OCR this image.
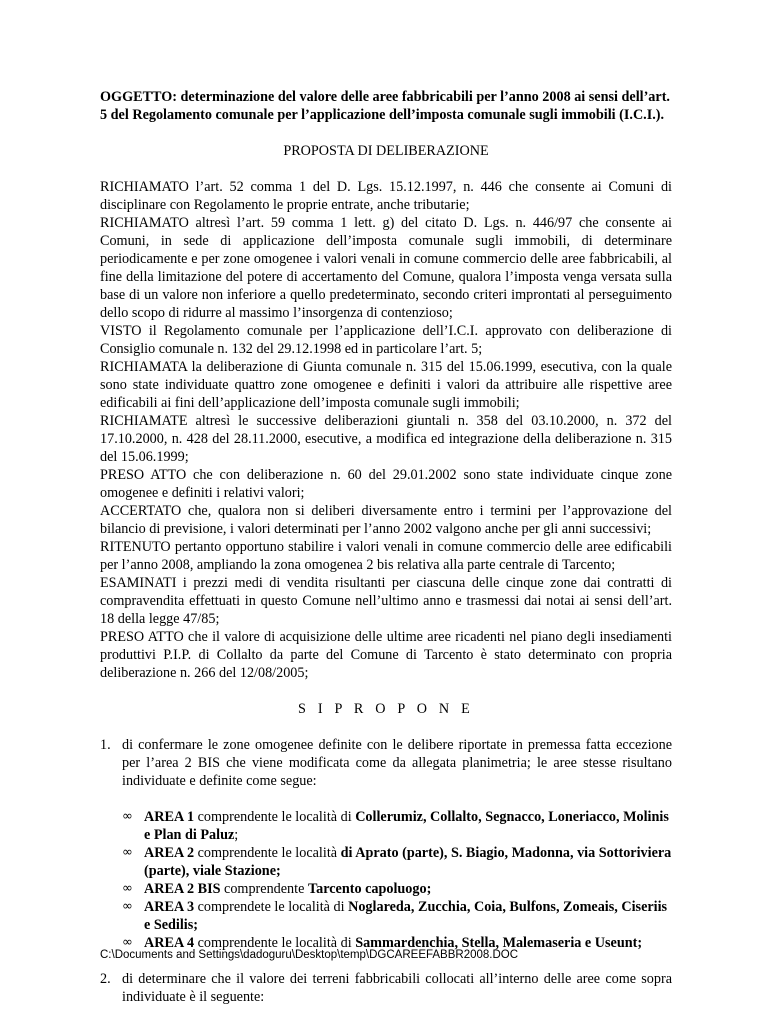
OGGETTO: determinazione del valore delle aree fabbricabili per l’anno 2008 ai sensi dell’art. 5 del Regolamento comunale per l’applicazione dell’imposta comunale sugli immobili (I.C.I.).

PROPOSTA DI DELIBERAZIONE

RICHIAMATO l’art. 52 comma 1 del D. Lgs. 15.12.1997, n. 446 che consente ai Comuni di disciplinare con Regolamento le proprie entrate, anche tributarie;

RICHIAMATO altresì l’art. 59 comma 1 lett. g) del citato D. Lgs. n. 446/97 che consente ai Comuni, in sede di applicazione dell’imposta comunale sugli immobili, di determinare periodicamente e per zone omogenee i valori venali in comune commercio delle aree fabbricabili, al fine della limitazione del potere di accertamento del Comune, qualora l’imposta venga versata sulla base di un valore non inferiore a quello predeterminato, secondo criteri improntati al perseguimento dello scopo di ridurre al massimo l’insorgenza di contenzioso;

VISTO il Regolamento comunale per l’applicazione dell’I.C.I. approvato con deliberazione di Consiglio comunale n. 132 del 29.12.1998 ed in particolare l’art. 5;

RICHIAMATA la deliberazione di Giunta comunale n. 315 del 15.06.1999, esecutiva, con la quale sono state individuate quattro zone omogenee e definiti i valori da attribuire alle rispettive aree edificabili ai fini dell’applicazione dell’imposta comunale sugli immobili;

RICHIAMATE altresì le successive deliberazioni giuntali n. 358 del 03.10.2000, n. 372 del 17.10.2000, n. 428 del 28.11.2000, esecutive, a modifica ed integrazione della deliberazione n. 315 del 15.06.1999;

PRESO ATTO che con deliberazione n. 60 del 29.01.2002 sono state individuate cinque zone omogenee e definiti i relativi valori;

ACCERTATO che, qualora non si deliberi diversamente entro i termini per l’approvazione del bilancio di previsione, i valori determinati per l’anno 2002 valgono anche per gli anni successivi;

RITENUTO pertanto opportuno stabilire i valori venali in comune commercio delle aree edificabili per l’anno 2008, ampliando la zona omogenea 2 bis relativa alla parte centrale di Tarcento;

ESAMINATI i prezzi medi di vendita risultanti per ciascuna delle cinque zone dai contratti di compravendita effettuati in questo Comune nell’ultimo anno e trasmessi dai notai ai sensi dell’art. 18 della legge 47/85;

PRESO ATTO che il valore di acquisizione delle ultime aree ricadenti nel piano degli insediamenti produttivi P.I.P. di Collalto da parte del Comune di Tarcento è stato determinato con propria deliberazione n. 266 del 12/08/2005;

S I P R O P O N E
1. di confermare le zone omogenee definite con le delibere riportate in premessa fatta eccezione per l’area 2 BIS che viene modificata come da allegata planimetria; le aree stesse risultano individuate e definite come segue:
∞ AREA 1 comprendente le località di Collerumiz, Collalto, Segnacco, Loneriacco, Molinis e Plan di Paluz;
∞ AREA 2 comprendente le località di Aprato (parte), S. Biagio, Madonna, via Sottoriviera (parte), viale Stazione;
∞ AREA 2 BIS comprendente Tarcento capoluogo;
∞ AREA 3 comprendete le località di Noglareda, Zucchia, Coia, Bulfons, Zomeais, Ciseriis e Sedilis;
∞ AREA 4 comprendente le località di Sammardenchia, Stella, Malemaseria e Useunt;
2. di determinare che il valore dei terreni fabbricabili collocati all’interno delle aree come sopra individuate è il seguente:
C:\Documents and Settings\dadoguru\Desktop\temp\DGCAREEFABBR2008.DOC
